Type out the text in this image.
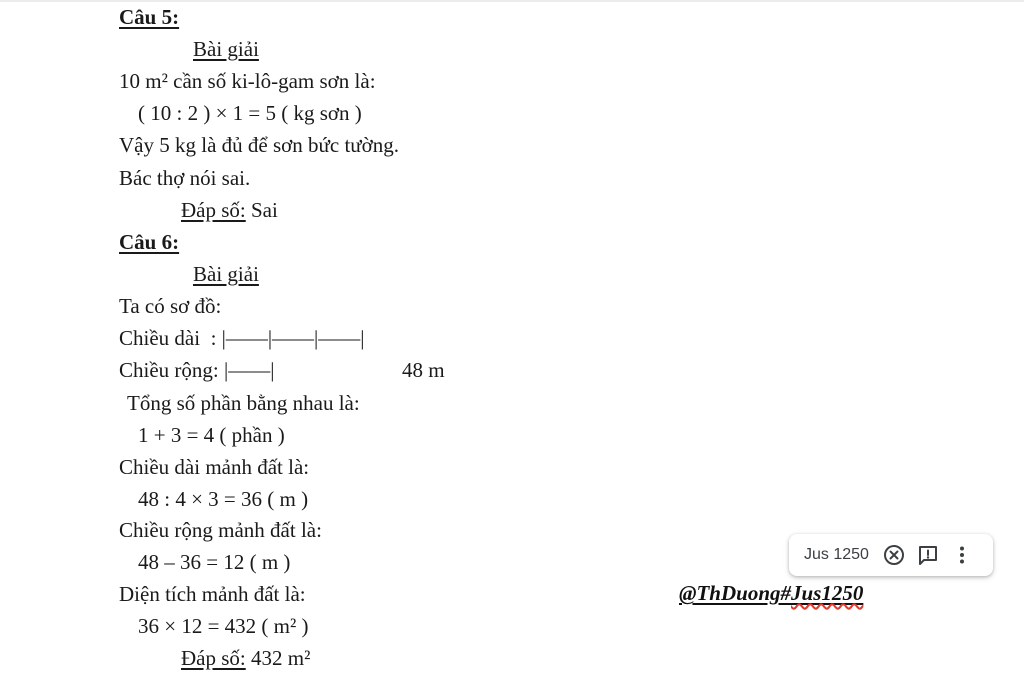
Câu 5:
Bài giải
10 m² cần số ki-lô-gam sơn là:
( 10 : 2 ) × 1 = 5 ( kg sơn )
Vậy 5 kg là đủ để sơn bức tường.
Bác thợ nói sai.
Đáp số: Sai
Câu 6:
Bài giải
Ta có sơ đồ:
Chiều dài  : |——|——|——|
Chiều rộng: |——|	48 m
Tổng số phần bằng nhau là:
1 + 3 = 4 ( phần )
Chiều dài mảnh đất là:
48 : 4 × 3 = 36 ( m )
Chiều rộng mảnh đất là:
48 – 36 = 12 ( m )
Diện tích mảnh đất là:
36 × 12 = 432 ( m² )
Đáp số: 432 m²
@ThDuong#Jus1250
Jus 1250
